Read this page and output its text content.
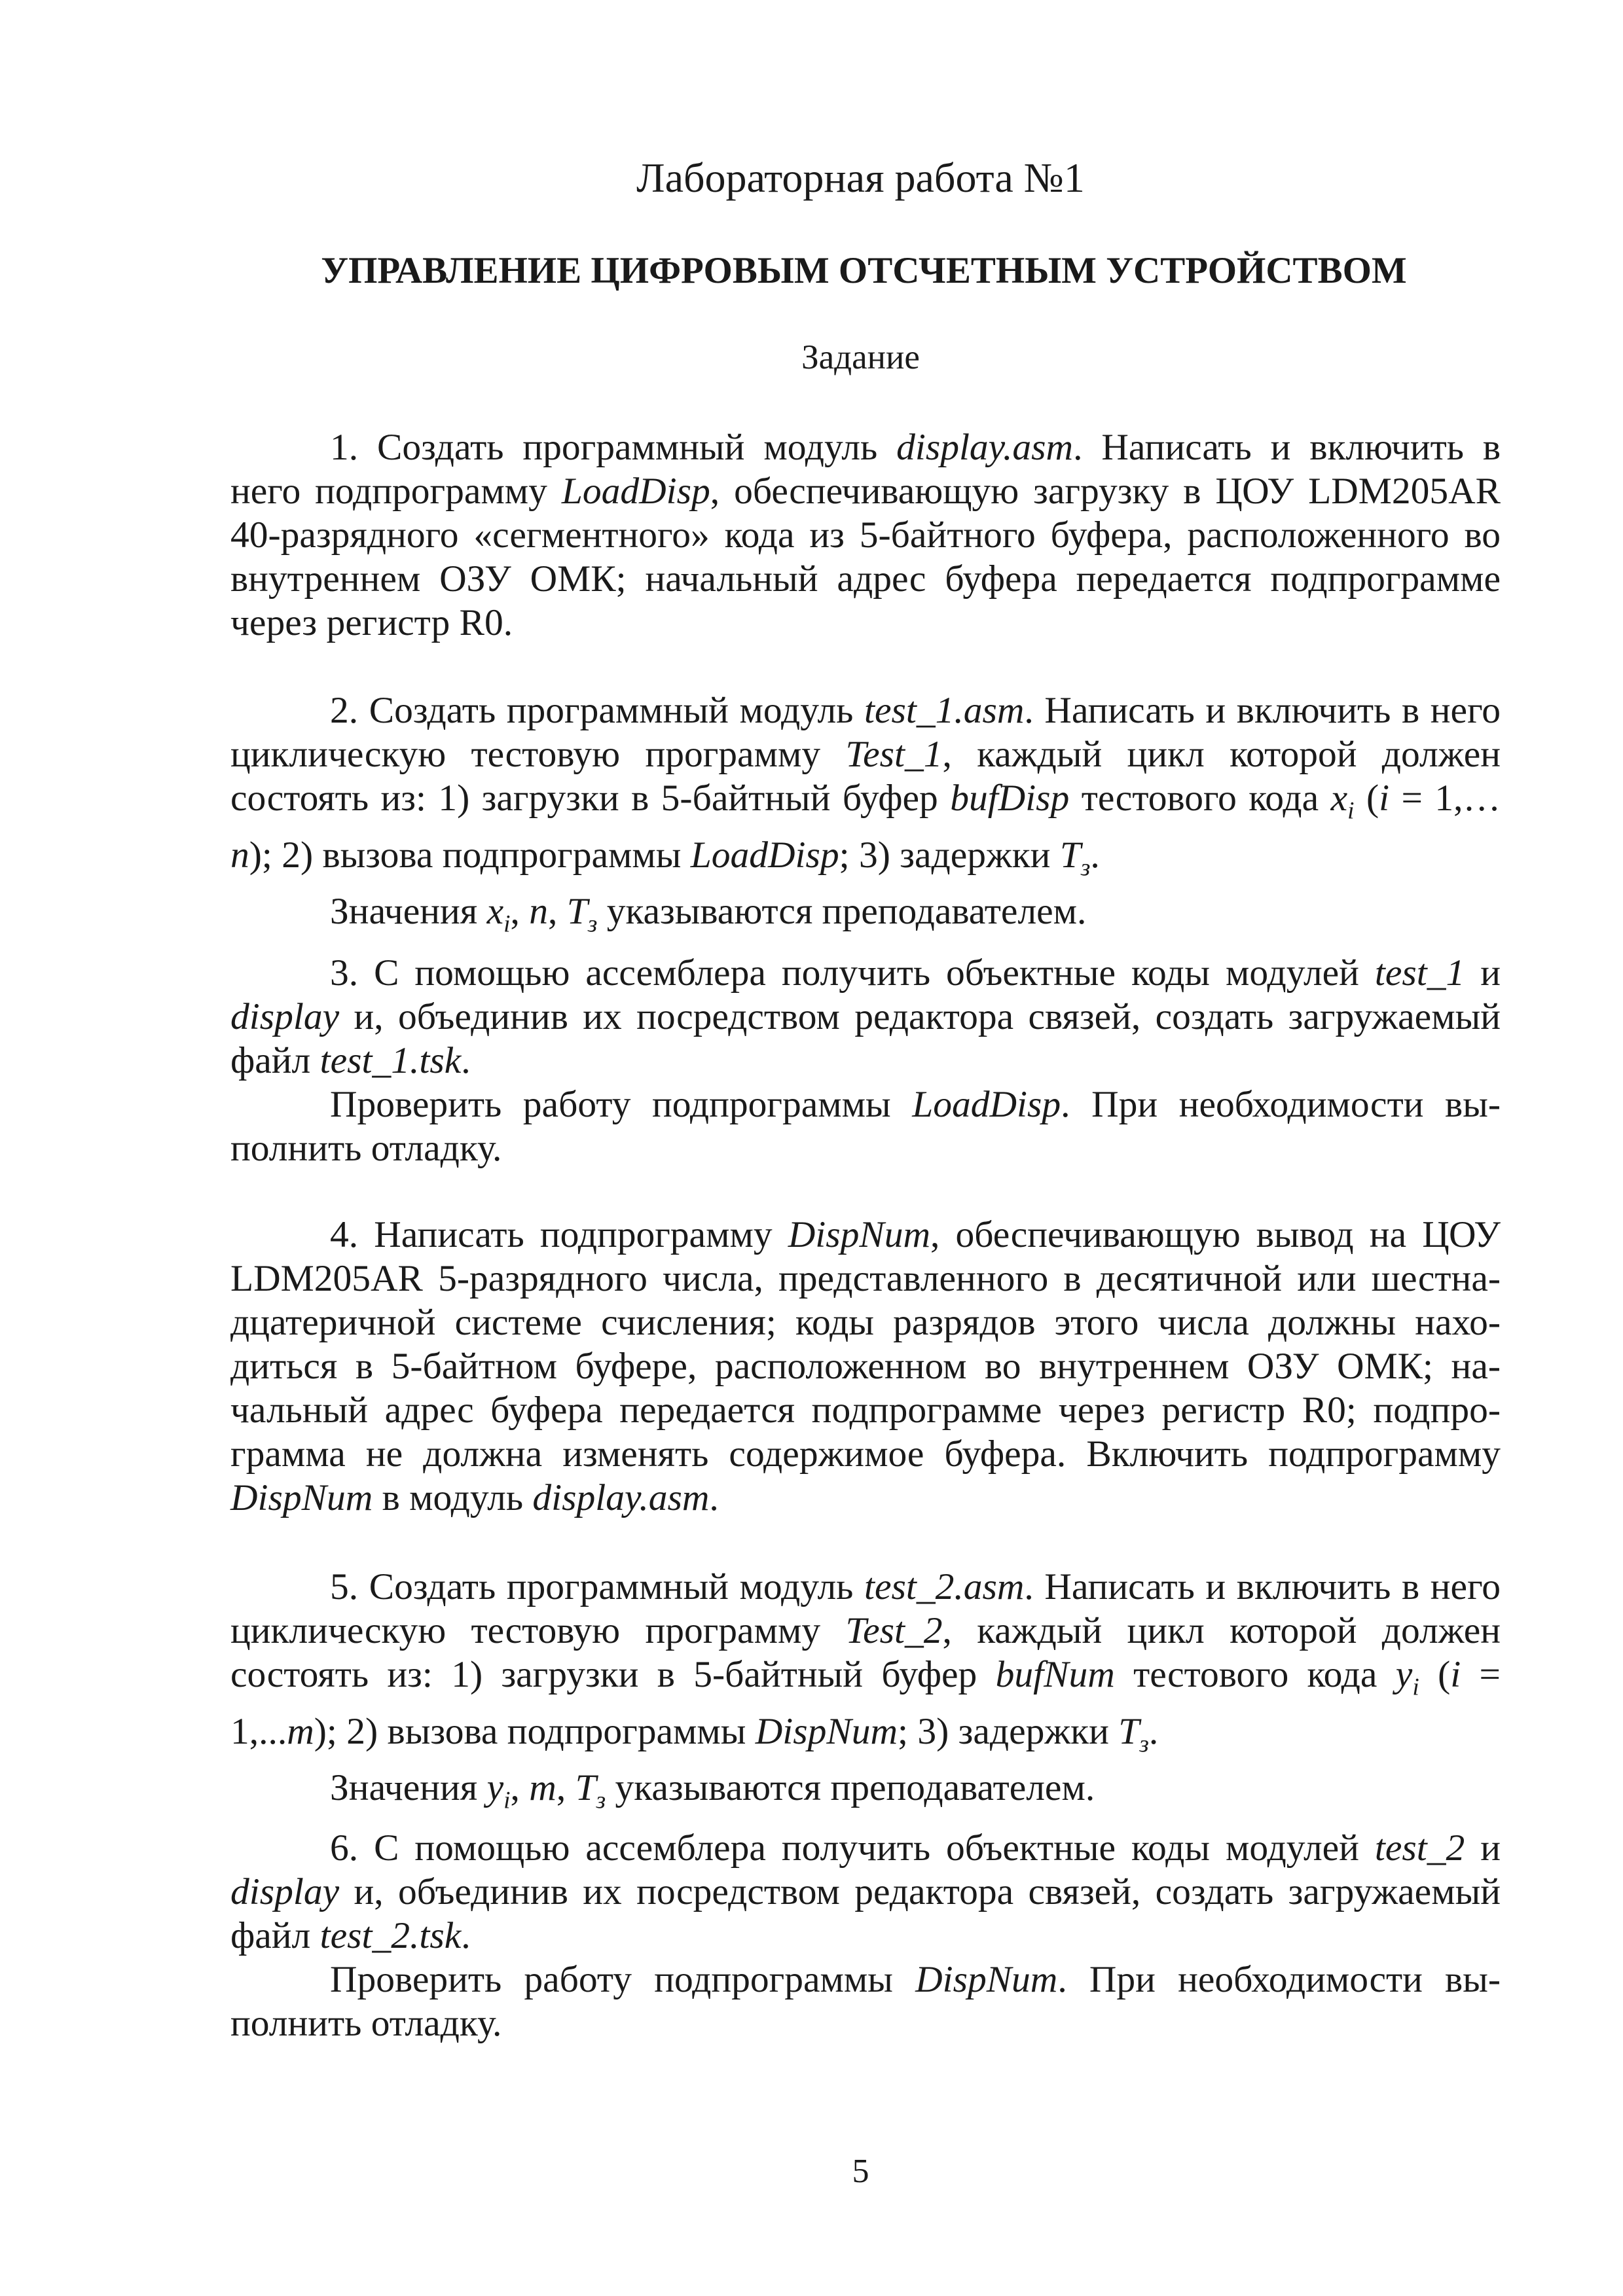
Лабораторная работа №1
УПРАВЛЕНИЕ ЦИФРОВЫМ ОТСЧЕТНЫМ УСТРОЙСТВОМ
Задание

1. Создать программный модуль display.asm. Написать и включить в него подпрограмму LoadDisp, обеспечивающую загрузку в ЦОУ LDM205AR 40-разрядного «сегментного» кода из 5-байтного буфера, расположенного во внутреннем ОЗУ ОМК; начальный адрес буфера передается подпрограмме через регистр R0.

2. Создать программный модуль test_1.asm. Написать и включить в него циклическую тестовую программу Test_1, каждый цикл которой должен состоять из: 1) загрузки в 5-байтный буфер bufDisp тестового кода $x_i$ (i = 1,…n); 2) вызова подпрограммы LoadDisp; 3) задержки $T_з$.

Значения $x_i$, n, $T_з$ указываются преподавателем.

3. С помощью ассемблера получить объектные коды модулей test_1 и display и, объединив их посредством редактора связей, создать загружаемый файл test_1.tsk.

Проверить работу подпрограммы LoadDisp. При необходимости выполнить отладку.

4. Написать подпрограмму DispNum, обеспечивающую вывод на ЦОУ LDM205AR 5-разрядного числа, представленного в десятичной или шестнадцатеричной системе счисления; коды разрядов этого числа должны находиться в 5-байтном буфере, расположенном во внутреннем ОЗУ ОМК; начальный адрес буфера передается подпрограмме через регистр R0; подпрограмма не должна изменять содержимое буфера. Включить подпрограмму DispNum в модуль display.asm.

5. Создать программный модуль test_2.asm. Написать и включить в него циклическую тестовую программу Test_2, каждый цикл которой должен состоять из: 1) загрузки в 5-байтный буфер bufNum тестового кода $y_i$ (i = 1,...m); 2) вызова подпрограммы DispNum; 3) задержки $T_з$.

Значения $y_i$, m, $T_з$ указываются преподавателем.

6. С помощью ассемблера получить объектные коды модулей test_2 и display и, объединив их посредством редактора связей, создать загружаемый файл test_2.tsk.

Проверить работу подпрограммы DispNum. При необходимости выполнить отладку.

5
